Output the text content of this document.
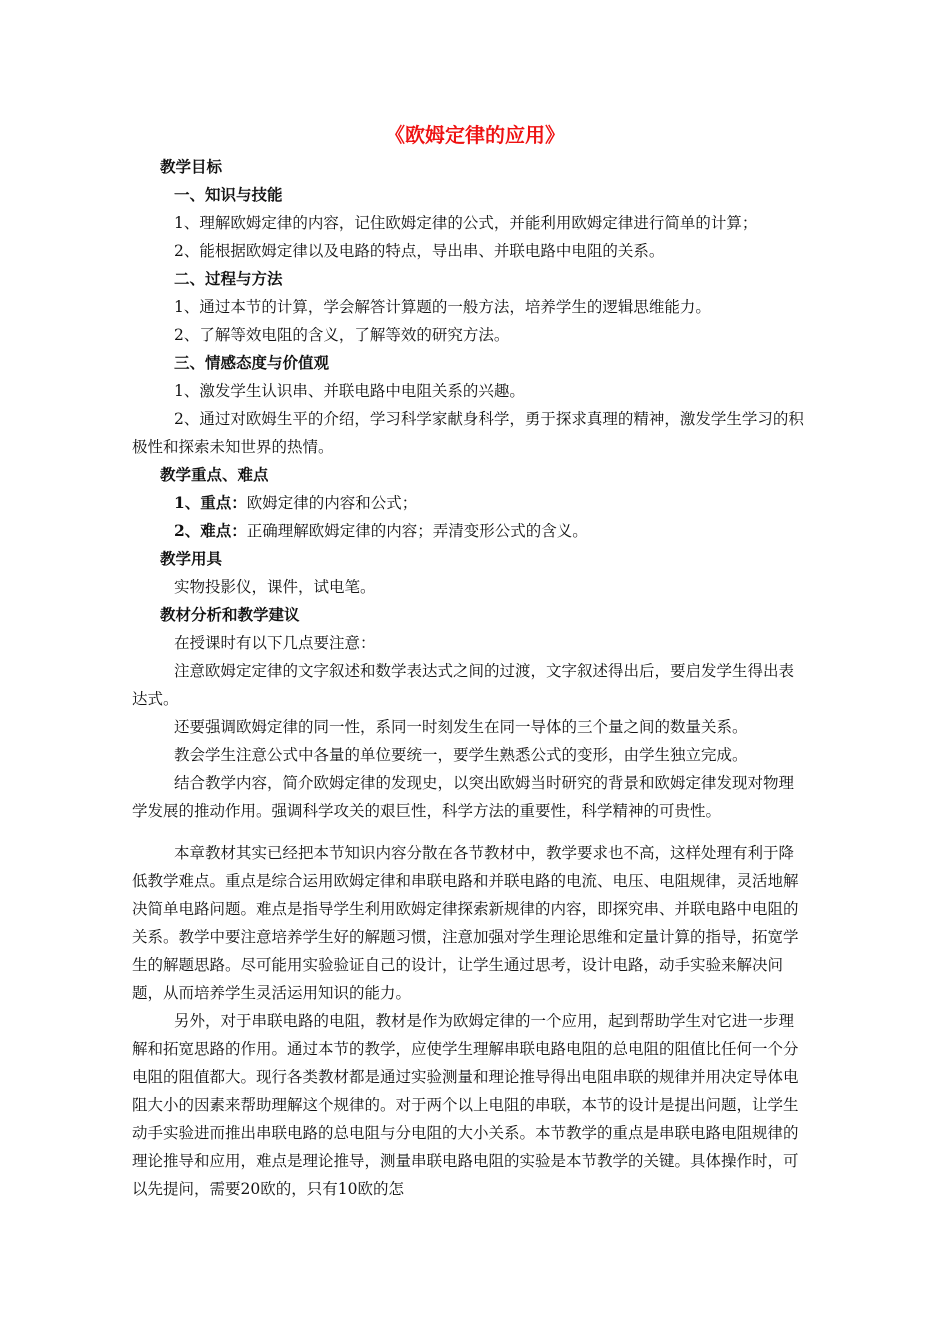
《欧姆定律的应用》

教学目标

一、知识与技能

1、理解欧姆定律的内容，记住欧姆定律的公式，并能利用欧姆定律进行简单的计算；

2、能根据欧姆定律以及电路的特点，导出串、并联电路中电阻的关系。

二、过程与方法

1、通过本节的计算，学会解答计算题的一般方法，培养学生的逻辑思维能力。

2、了解等效电阻的含义，了解等效的研究方法。

三、情感态度与价值观

1、激发学生认识串、并联电路中电阻关系的兴趣。

2、通过对欧姆生平的介绍，学习科学家献身科学，勇于探求真理的精神，激发学生学习的积极性和探索未知世界的热情。

教学重点、难点

1、重点：欧姆定律的内容和公式；

2、难点：正确理解欧姆定律的内容；弄清变形公式的含义。

教学用具

实物投影仪，课件，试电笔。

教材分析和教学建议

在授课时有以下几点要注意：

注意欧姆定定律的文字叙述和数学表达式之间的过渡，文字叙述得出后，要启发学生得出表达式。

还要强调欧姆定律的同一性，系同一时刻发生在同一导体的三个量之间的数量关系。

教会学生注意公式中各量的单位要统一，要学生熟悉公式的变形，由学生独立完成。

结合教学内容，简介欧姆定律的发现史，以突出欧姆当时研究的背景和欧姆定律发现对物理学发展的推动作用。强调科学攻关的艰巨性，科学方法的重要性，科学精神的可贵性。

本章教材其实已经把本节知识内容分散在各节教材中，教学要求也不高，这样处理有利于降低教学难点。重点是综合运用欧姆定律和串联电路和并联电路的电流、电压、电阻规律，灵活地解决简单电路问题。难点是指导学生利用欧姆定律探索新规律的内容，即探究串、并联电路中电阻的关系。教学中要注意培养学生好的解题习惯，注意加强对学生理论思维和定量计算的指导，拓宽学生的解题思路。尽可能用实验验证自己的设计，让学生通过思考，设计电路，动手实验来解决问题，从而培养学生灵活运用知识的能力。

另外，对于串联电路的电阻，教材是作为欧姆定律的一个应用，起到帮助学生对它进一步理解和拓宽思路的作用。通过本节的教学，应使学生理解串联电路电阻的总电阻的阻值比任何一个分电阻的阻值都大。现行各类教材都是通过实验测量和理论推导得出电阻串联的规律并用决定导体电阻大小的因素来帮助理解这个规律的。对于两个以上电阻的串联，本节的设计是提出问题，让学生动手实验进而推出串联电路的总电阻与分电阻的大小关系。本节教学的重点是串联电路电阻规律的理论推导和应用，难点是理论推导，测量串联电路电阻的实验是本节教学的关键。具体操作时，可以先提问，需要20欧的，只有10欧的怎
